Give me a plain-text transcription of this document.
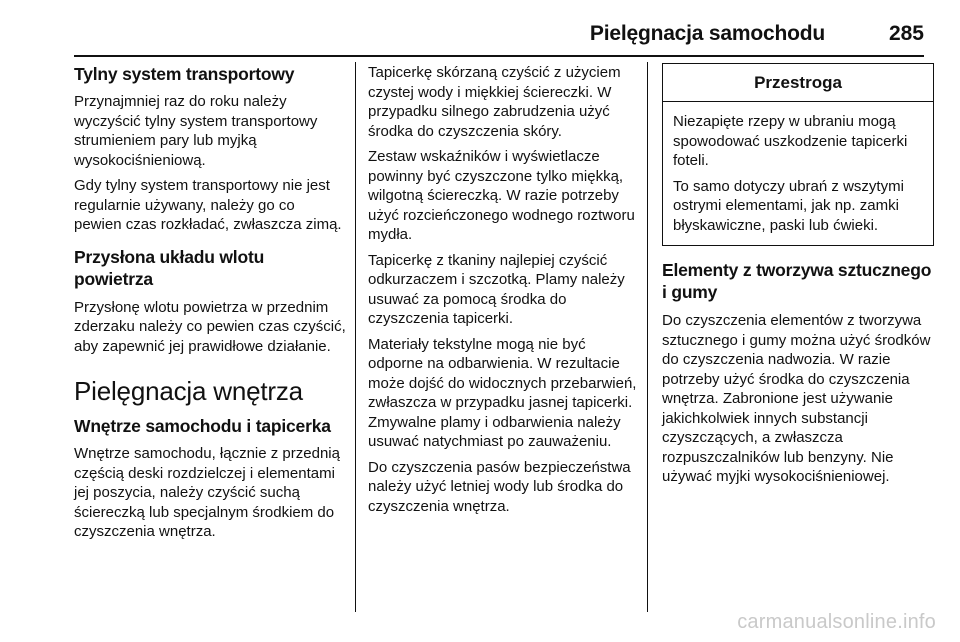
Pielęgnacja samochodu	285
Tylny system transportowy
Przynajmniej raz do roku należy wyczyścić tylny system transportowy strumieniem pary lub myjką wysokociśnieniową.
Gdy tylny system transportowy nie jest regularnie używany, należy go co pewien czas rozkładać, zwłaszcza zimą.
Przysłona układu wlotu powietrza
Przysłonę wlotu powietrza w przednim zderzaku należy co pewien czas czyścić, aby zapewnić jej prawidłowe działanie.
Pielęgnacja wnętrza
Wnętrze samochodu i tapicerka
Wnętrze samochodu, łącznie z przednią częścią deski rozdzielczej i elementami jej poszycia, należy czyścić suchą ściereczką lub specjalnym środkiem do czyszczenia wnętrza.
Tapicerkę skórzaną czyścić z użyciem czystej wody i miękkiej ściereczki. W przypadku silnego zabrudzenia użyć środka do czyszczenia skóry.
Zestaw wskaźników i wyświetlacze powinny być czyszczone tylko miękką, wilgotną ściereczką. W razie potrzeby użyć rozcieńczonego wodnego roztworu mydła.
Tapicerkę z tkaniny najlepiej czyścić odkurzaczem i szczotką. Plamy należy usuwać za pomocą środka do czyszczenia tapicerki.
Materiały tekstylne mogą nie być odporne na odbarwienia. W rezultacie może dojść do widocznych przebarwień, zwłaszcza w przypadku jasnej tapicerki. Zmywalne plamy i odbarwienia należy usuwać natychmiast po zauważeniu.
Do czyszczenia pasów bezpieczeństwa należy użyć letniej wody lub środka do czyszczenia wnętrza.
Przestroga
Niezapięte rzepy w ubraniu mogą spowodować uszkodzenie tapicerki foteli.
To samo dotyczy ubrań z wszytymi ostrymi elementami, jak np. zamki błyskawiczne, paski lub ćwieki.
Elementy z tworzywa sztucznego i gumy
Do czyszczenia elementów z tworzywa sztucznego i gumy można użyć środków do czyszczenia nadwozia. W razie potrzeby użyć środka do czyszczenia wnętrza. Zabronione jest używanie jakichkolwiek innych substancji czyszczących, a zwłaszcza rozpuszczalników lub benzyny. Nie używać myjki wysokociśnieniowej.
carmanualsonline.info
